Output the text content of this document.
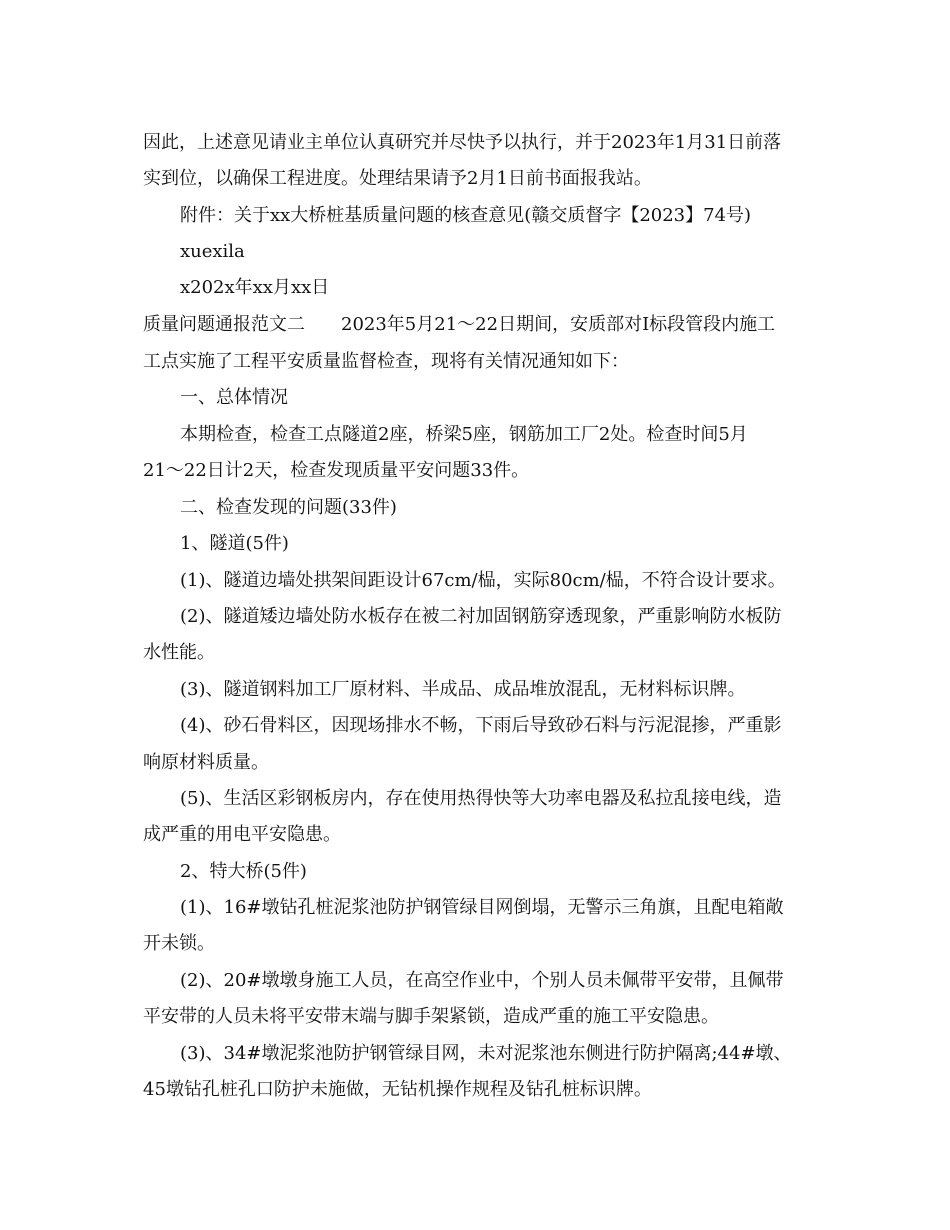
因此，上述意见请业主单位认真研究并尽快予以执行，并于2023年1月31日前落
实到位，以确保工程进度。处理结果请予2月1日前书面报我站。
附件：关于xx大桥桩基质量问题的核查意见(赣交质督字【2023】74号)
xuexila
x202x年xx月xx日
质量问题通报范文二　　2023年5月21～22日期间，安质部对Ⅰ标段管段内施工
工点实施了工程平安质量监督检查，现将有关情况通知如下：
一、总体情况
本期检查，检查工点隧道2座，桥梁5座，钢筋加工厂2处。检查时间5月
21～22日计2天，检查发现质量平安问题33件。
二、检查发现的问题(33件)
1、隧道(5件)
(1)、隧道边墙处拱架间距设计67cm/榀，实际80cm/榀，不符合设计要求。
(2)、隧道矮边墙处防水板存在被二衬加固钢筋穿透现象，严重影响防水板防
水性能。
(3)、隧道钢料加工厂原材料、半成品、成品堆放混乱，无材料标识牌。
(4)、砂石骨料区，因现场排水不畅，下雨后导致砂石料与污泥混掺，严重影
响原材料质量。
(5)、生活区彩钢板房内，存在使用热得快等大功率电器及私拉乱接电线，造
成严重的用电平安隐患。
2、特大桥(5件)
(1)、16#墩钻孔桩泥浆池防护钢管绿目网倒塌，无警示三角旗，且配电箱敞
开未锁。
(2)、20#墩墩身施工人员，在高空作业中，个别人员未佩带平安带，且佩带
平安带的人员未将平安带末端与脚手架紧锁，造成严重的施工平安隐患。
(3)、34#墩泥浆池防护钢管绿目网，未对泥浆池东侧进行防护隔离;44#墩、
45墩钻孔桩孔口防护未施做，无钻机操作规程及钻孔桩标识牌。
